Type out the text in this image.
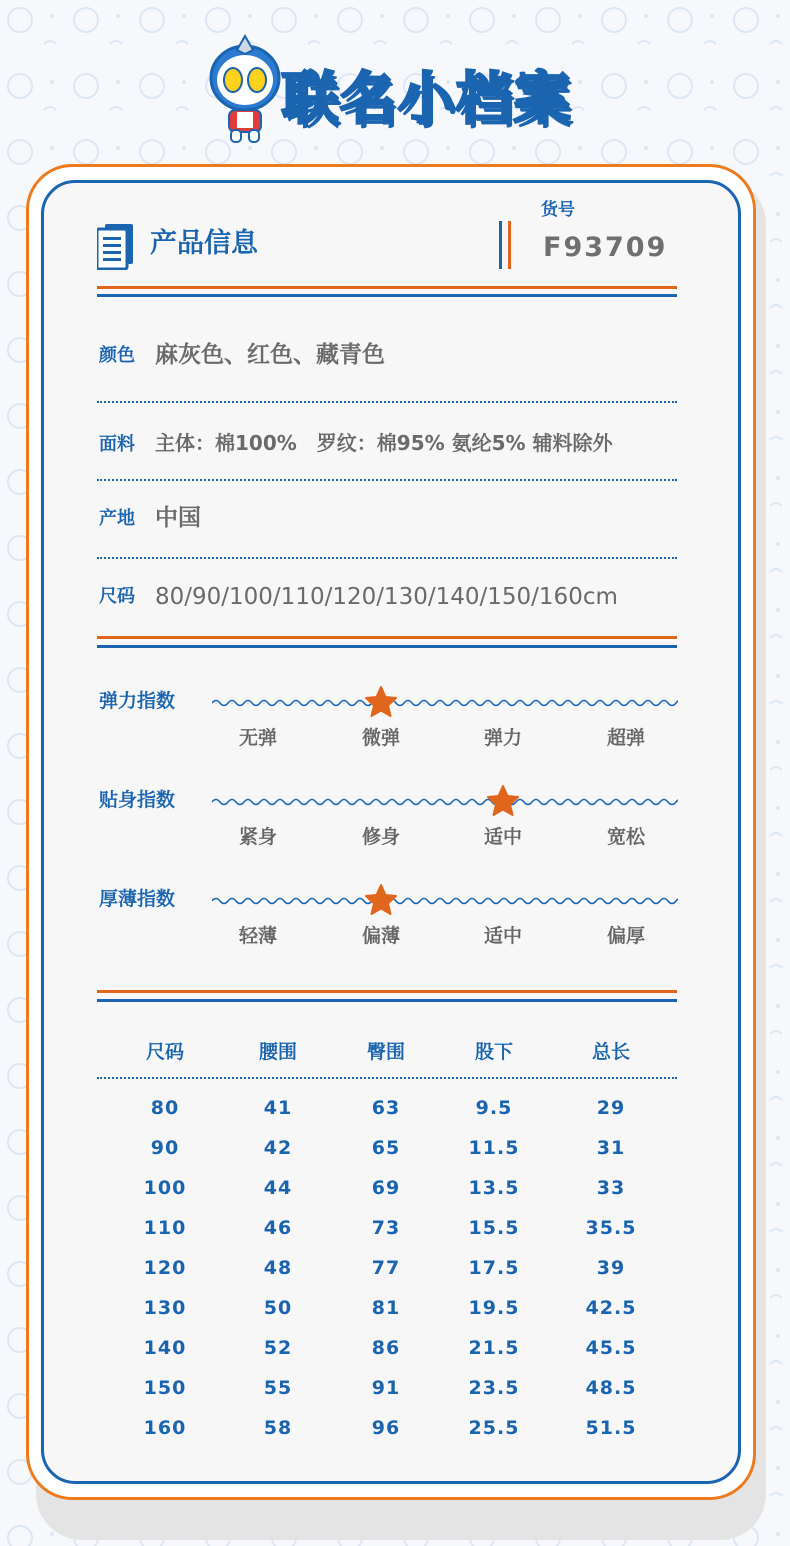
联名小档案
产品信息
货号
F93709
颜色 麻灰色、红色、藏青色
面料 主体：棉100%　罗纹：棉95% 氨纶5% 辅料除外
产地 中国
尺码 80/90/100/110/120/130/140/150/160cm
弹力指数
无弹	微弹	弹力	超弹
贴身指数
紧身	修身	适中	宽松
厚薄指数
轻薄	偏薄	适中	偏厚
尺码	腰围	臀围	股下	总长
80	41	63	9.5	29
90	42	65	11.5	31
100	44	69	13.5	33
110	46	73	15.5	35.5
120	48	77	17.5	39
130	50	81	19.5	42.5
140	52	86	21.5	45.5
150	55	91	23.5	48.5
160	58	96	25.5	51.5
